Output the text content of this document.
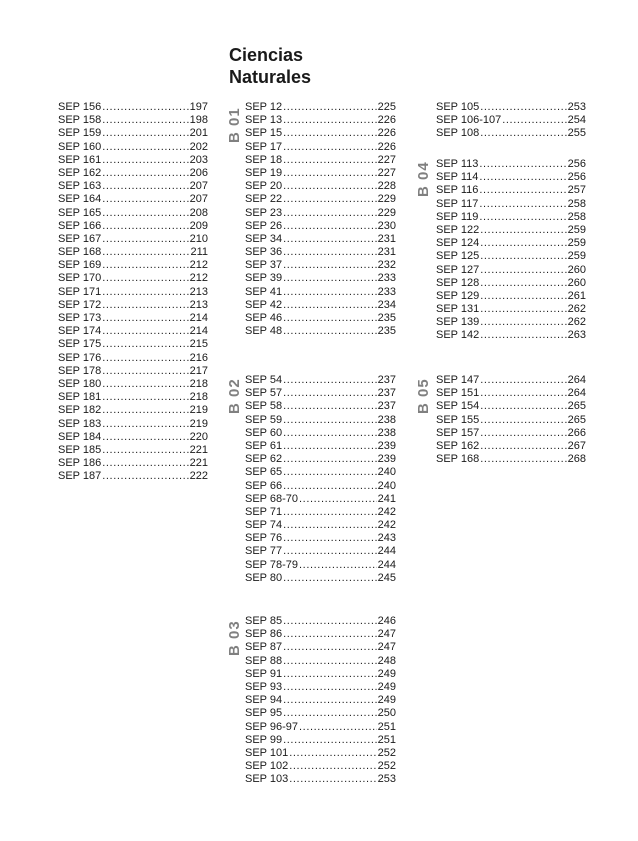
Ciencias
Naturales
SEP 156 .....	197
SEP 158 .....	198
SEP 159 .....	201
SEP 160 .....	202
SEP 161 .....	203
SEP 162 .....	206
SEP 163 .....	207
SEP 164 .....	207
SEP 165 .....	208
SEP 166 .....	209
SEP 167 .....	210
SEP 168 .....	211
SEP 169 .....	212
SEP 170 .....	212
SEP 171 .....	213
SEP 172 .....	213
SEP 173 .....	214
SEP 174 .....	214
SEP 175 .....	215
SEP 176 .....	216
SEP 178 .....	217
SEP 180 .....	218
SEP 181 .....	218
SEP 182 .....	219
SEP 183 .....	219
SEP 184 .....	220
SEP 185 .....	221
SEP 186 .....	221
SEP 187 .....	222
B 01
SEP 12 .....	225
SEP 13 .....	226
SEP 15 .....	226
SEP 17 .....	226
SEP 18 .....	227
SEP 19 .....	227
SEP 20 .....	228
SEP 22 .....	229
SEP 23 .....	229
SEP 26 .....	230
SEP 34 .....	231
SEP 36 .....	231
SEP 37 .....	232
SEP 39 .....	233
SEP 41 .....	233
SEP 42 .....	234
SEP 46 .....	235
SEP 48 .....	235
B 02 SEP 54 .....	237
SEP 57 .....	237
SEP 58 .....	237
SEP 59 .....	238
SEP 60 .....	238
SEP 61 .....	239
SEP 62 .....	239
SEP 65 .....	240
SEP 66 .....	240
SEP 68-70 .....	241
SEP 71 .....	242
SEP 74 .....	242
SEP 76 .....	243
SEP 77 .....	244
SEP 78-79 .....	244
SEP 80 .....	245
B 03 SEP 85 .....	246
SEP 86 .....	247
SEP 87 .....	247
SEP 88 .....	248
SEP 91 .....	249
SEP 93 .....	249
SEP 94 .....	249
SEP 95 .....	250
SEP 96-97 .....	251
SEP 99 .....	251
SEP 101 .....	252
SEP 102 .....	252
SEP 103 .....	253
SEP 105 .....	253
SEP 106-107 .....	254
SEP 108 .....	255
B 04 SEP 113 .....	256
SEP 114 .....	256
SEP 116 .....	257
SEP 117 .....	258
SEP 119 .....	258
SEP 122 .....	259
SEP 124 .....	259
SEP 125 .....	259
SEP 127 .....	260
SEP 128 .....	260
SEP 129 .....	261
SEP 131 .....	262
SEP 139 .....	262
SEP 142 .....	263
B 05 SEP 147 .....	264
SEP 151 .....	264
SEP 154 .....	265
SEP 155 .....	265
SEP 157 .....	266
SEP 162 .....	267
SEP 168 .....	268
